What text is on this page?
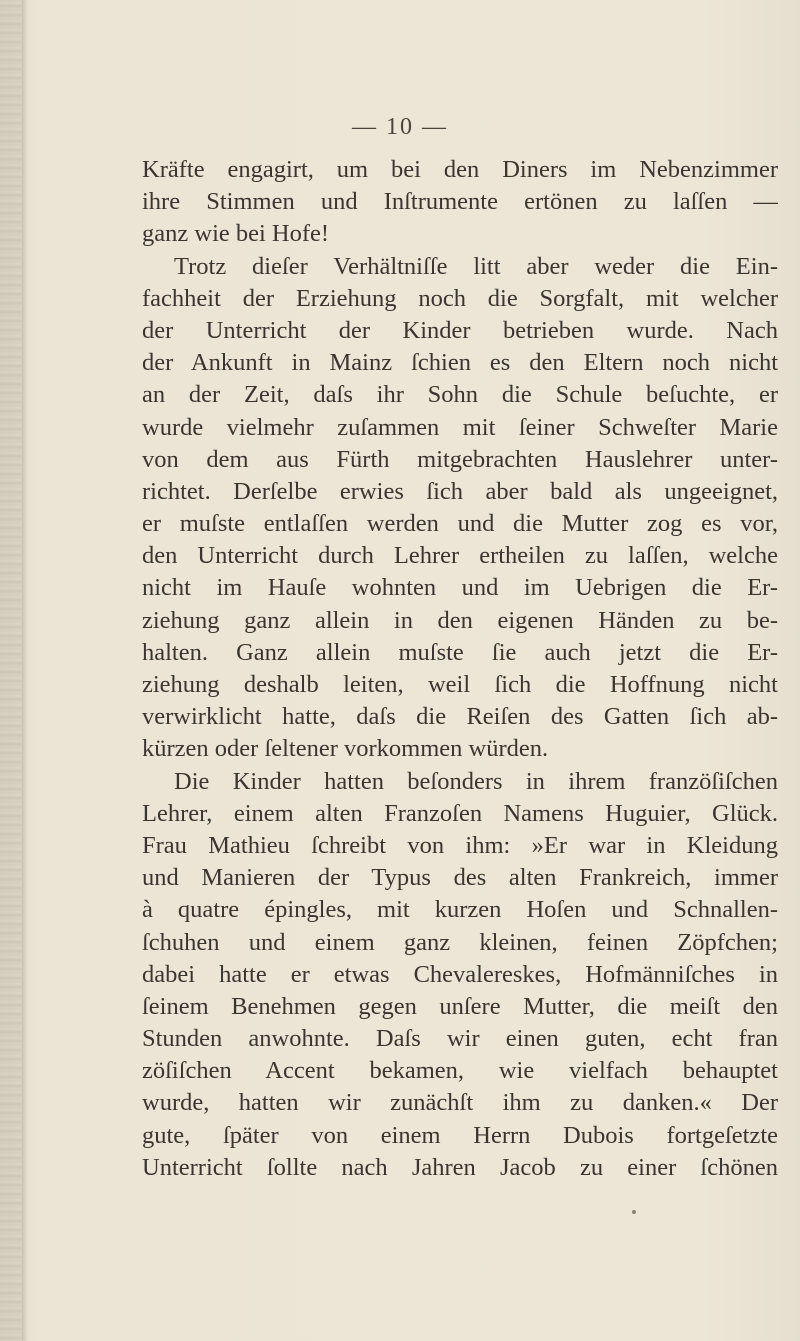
— 10 —
Kräfte engagirt, um bei den Diners im Nebenzimmer
ihre Stimmen und Inſtrumente ertönen zu laſſen —
ganz wie bei Hofe!
Trotz dieſer Verhältniſſe litt aber weder die Ein-
fachheit der Erziehung noch die Sorgfalt, mit welcher
der Unterricht der Kinder betrieben wurde. Nach
der Ankunft in Mainz ſchien es den Eltern noch nicht
an der Zeit, daſs ihr Sohn die Schule beſuchte, er
wurde vielmehr zuſammen mit ſeiner Schweſter Marie
von dem aus Fürth mitgebrachten Hauslehrer unter-
richtet. Derſelbe erwies ſich aber bald als ungeeignet,
er muſste entlaſſen werden und die Mutter zog es vor,
den Unterricht durch Lehrer ertheilen zu laſſen, welche
nicht im Hauſe wohnten und im Uebrigen die Er-
ziehung ganz allein in den eigenen Händen zu be-
halten. Ganz allein muſste ſie auch jetzt die Er-
ziehung deshalb leiten, weil ſich die Hoffnung nicht
verwirklicht hatte, daſs die Reiſen des Gatten ſich ab-
kürzen oder ſeltener vorkommen würden.
Die Kinder hatten beſonders in ihrem franzöſiſchen
Lehrer, einem alten Franzoſen Namens Huguier, Glück.
Frau Mathieu ſchreibt von ihm: »Er war in Kleidung
und Manieren der Typus des alten Frankreich, immer
à quatre épingles, mit kurzen Hoſen und Schnallen-
ſchuhen und einem ganz kleinen, feinen Zöpfchen;
dabei hatte er etwas Chevalereskes, Hofmänniſches in
ſeinem Benehmen gegen unſere Mutter, die meiſt den
Stunden anwohnte. Daſs wir einen guten, echt fran
zöſiſchen Accent bekamen, wie vielfach behauptet
wurde, hatten wir zunächſt ihm zu danken.« Der
gute, ſpäter von einem Herrn Dubois fortgeſetzte
Unterricht ſollte nach Jahren Jacob zu einer ſchönen
